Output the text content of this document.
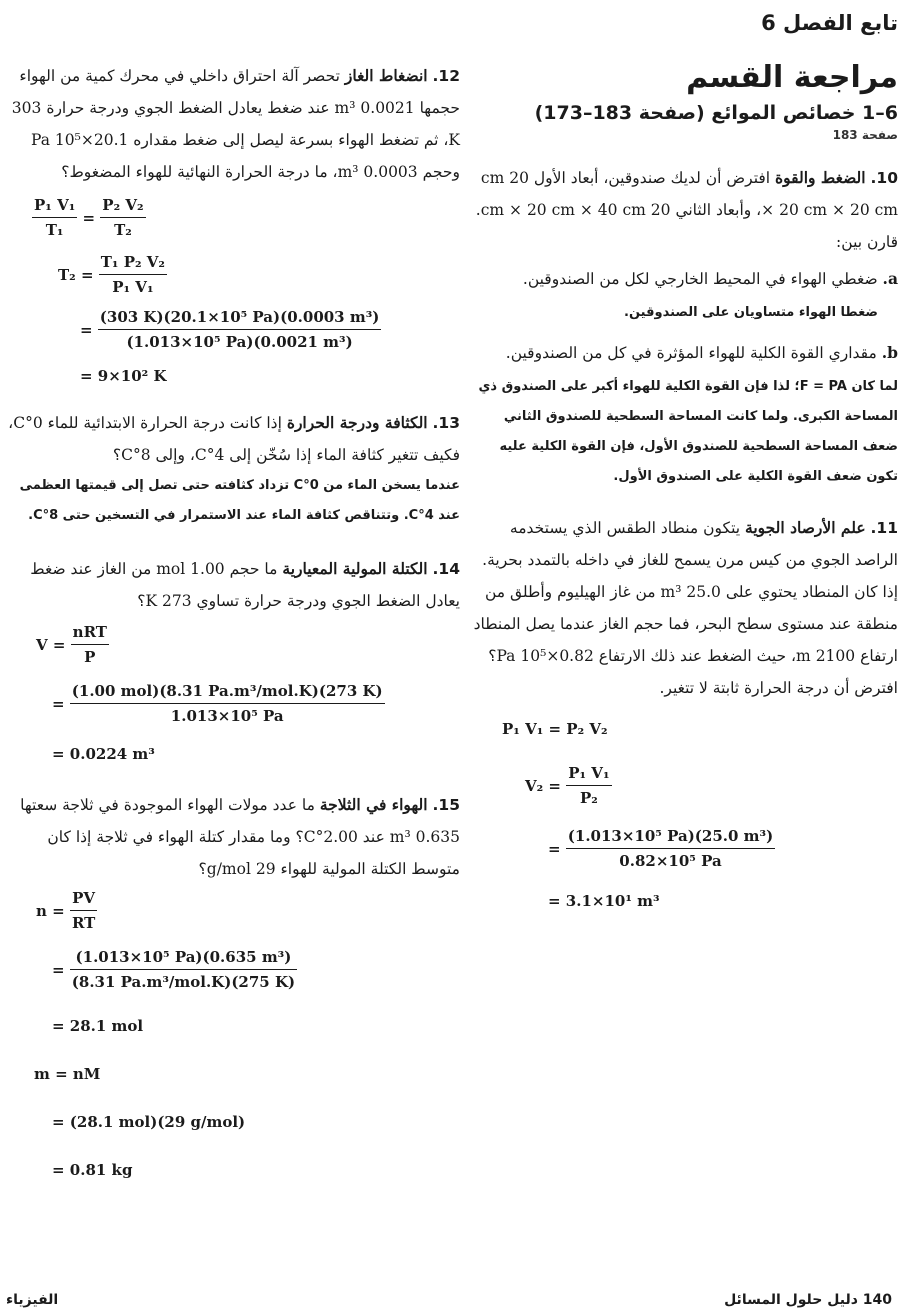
تابع الفصل 6
مراجعة القسم
6–1 خصائص الموائع (صفحة 183–173)
صفحة 183
10. الضغط والقوة افترض أن لديك صندوقين، أبعاد الأول 20 cm × 20 cm × 20 cm، وأبعاد الثاني 20 cm × 20 cm × 40 cm. قارن بين:
a. ضغطي الهواء في المحيط الخارجي لكل من الصندوقين.
ضغطا الهواء متساويان على الصندوقين.
b. مقداري القوة الكلية للهواء المؤثرة في كل من الصندوقين.
لما كان F = PA؛ لذا فإن القوة الكلية للهواء أكبر على الصندوق ذي المساحة الكبرى. ولما كانت المساحة السطحية للصندوق الثاني ضعف المساحة السطحية للصندوق الأول، فإن القوة الكلية عليه تكون ضعف القوة الكلية على الصندوق الأول.
11. علم الأرصاد الجوية يتكون منطاد الطقس الذي يستخدمه الراصد الجوي من كيس مرن يسمح للغاز في داخله بالتمدد بحرية. إذا كان المنطاد يحتوي على 25.0 m³ من غاز الهيليوم وأطلق من منطقة عند مستوى سطح البحر، فما حجم الغاز عندما يصل المنطاد ارتفاع 2100 m، حيث الضغط عند ذلك الارتفاع 0.82×10⁵ Pa؟ افترض أن درجة الحرارة ثابتة لا تتغير.
P₁ V₁ = P₂ V₂
V₂ =
$\frac{\text{P₁ V₁}}{\text{P₂}}$
= $\frac{\text{(1.013×10⁵ Pa)(25.0 m³)}}{\text{0.82×10⁵ Pa}}$
= 3.1×10¹ m³
12. انضغاط الغاز تحصر آلة احتراق داخلي في محرك كمية من الهواء حجمها 0.0021 m³ عند ضغط يعادل الضغط الجوي ودرجة حرارة 303 K، ثم تضغط الهواء بسرعة ليصل إلى ضغط مقداره 20.1×10⁵ Pa وحجم 0.0003 m³، ما درجة الحرارة النهائية للهواء المضغوط؟
$\frac{\text{P₁ V₁}}{\text{T₁}} = \frac{\text{P₂ V₂}}{\text{T₂}}$
T₂ =
$\frac{\text{T₁ P₂ V₂}}{\text{P₁ V₁}}$
= $\frac{\text{(303 K)(20.1×10⁵ Pa)(0.0003 m³)}}{\text{(1.013×10⁵ Pa)(0.0021 m³)}}$
= 9×10² K
13. الكثافة ودرجة الحرارة إذا كانت درجة الحرارة الابتدائية للماء 0°C، فكيف تتغير كثافة الماء إذا سُخّن إلى 4°C، وإلى 8°C؟
عندما يسخن الماء من 0°C تزداد كثافته حتى تصل إلى قيمتها العظمى عند 4°C. وتتناقص كثافة الماء عند الاستمرار في التسخين حتى 8°C.
14. الكتلة المولية المعيارية ما حجم 1.00 mol من الغاز عند ضغط يعادل الضغط الجوي ودرجة حرارة تساوي 273 K؟
V =
$\frac{\text{nRT}}{P}$
= $\frac{\text{(1.00 mol)(8.31 Pa.m³/mol.K)(273 K)}}{\text{1.013×10⁵ Pa}}$
= 0.0224 m³
15. الهواء في الثلاجة ما عدد مولات الهواء الموجودة في ثلاجة سعتها 0.635 m³ عند 2.00°C؟ وما مقدار كتلة الهواء في ثلاجة إذا كان متوسط الكتلة المولية للهواء 29 g/mol؟
n =
$\frac{PV}{RT}$
= $\frac{\text{(1.013×10⁵ Pa)(0.635 m³)}}{\text{(8.31 Pa.m³/mol.K)(275 K)}}$
= 28.1 mol
m = nM
= (28.1 mol)(29 g/mol)
= 0.81 kg
140 دليل حلول المسائل
الفيزياء
